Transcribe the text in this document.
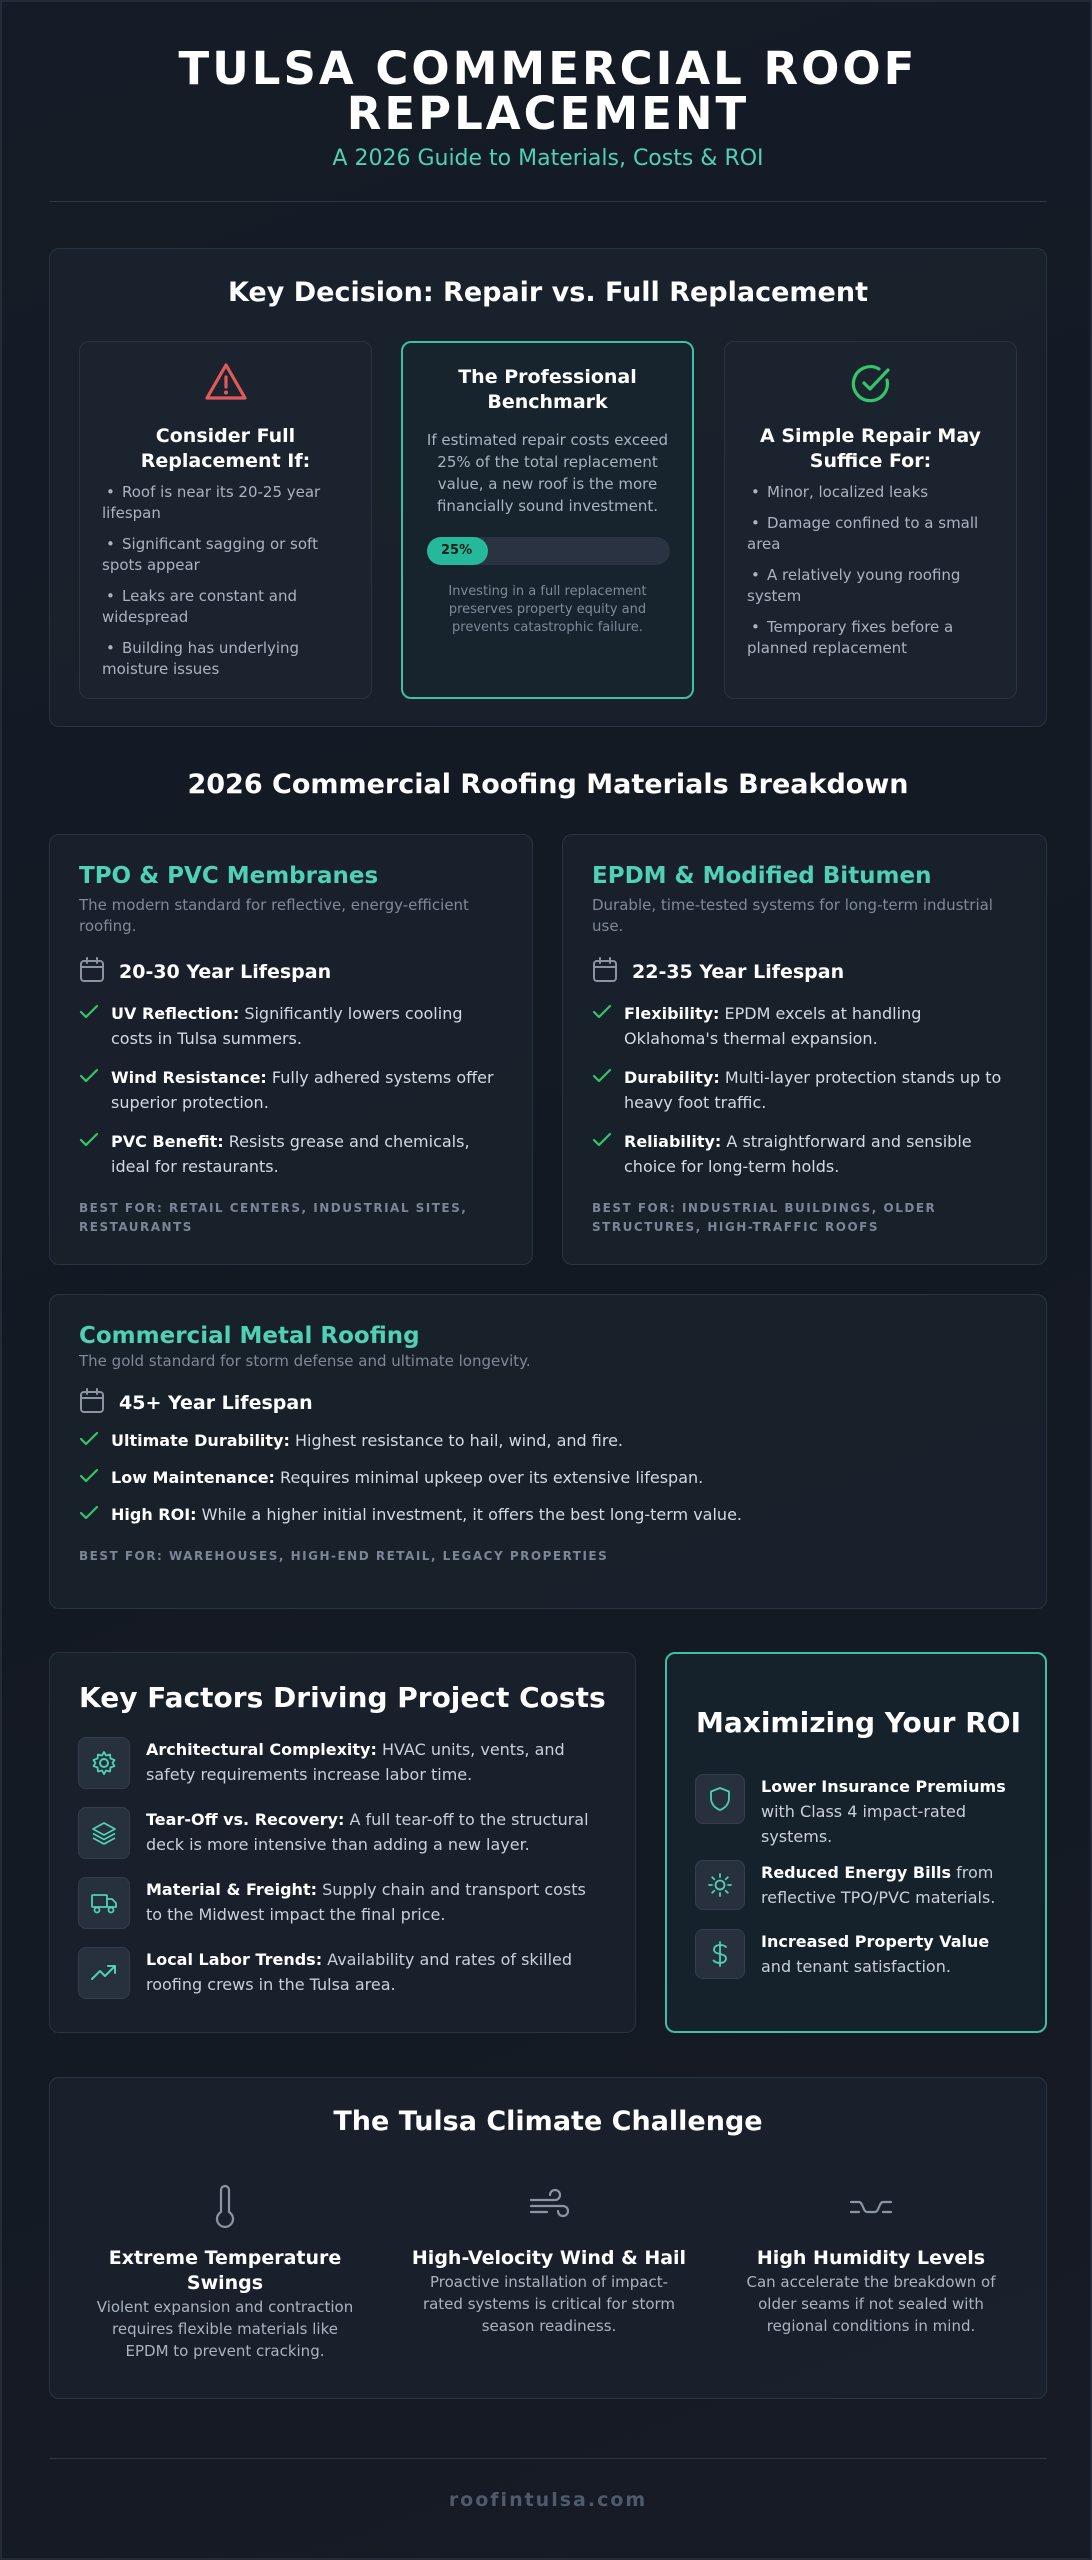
TULSA COMMERCIAL ROOF REPLACEMENT
A 2026 Guide to Materials, Costs & ROI
Key Decision: Repair vs. Full Replacement
Consider Full Replacement If:
• Roof is near its 20-25 year lifespan
• Significant sagging or soft spots appear
• Leaks are constant and widespread
• Building has underlying moisture issues
The Professional Benchmark

If estimated repair costs exceed 25% of the total replacement value, a new roof is the more financially sound investment.

25%

Investing in a full replacement preserves property equity and prevents catastrophic failure.

A Simple Repair May Suffice For:
• Minor, localized leaks
• Damage confined to a small area
• A relatively young roofing system
• Temporary fixes before a planned replacement
2026 Commercial Roofing Materials Breakdown
TPO & PVC Membranes
The modern standard for reflective, energy-efficient roofing.
20-30 Year Lifespan
UV Reflection: Significantly lowers cooling costs in Tulsa summers.
Wind Resistance: Fully adhered systems offer superior protection.
PVC Benefit: Resists grease and chemicals, ideal for restaurants.
BEST FOR: RETAIL CENTERS, INDUSTRIAL SITES, RESTAURANTS
EPDM & Modified Bitumen
Durable, time-tested systems for long-term industrial use.
22-35 Year Lifespan
Flexibility: EPDM excels at handling Oklahoma's thermal expansion.
Durability: Multi-layer protection stands up to heavy foot traffic.
Reliability: A straightforward and sensible choice for long-term holds.
BEST FOR: INDUSTRIAL BUILDINGS, OLDER STRUCTURES, HIGH-TRAFFIC ROOFS
Commercial Metal Roofing
The gold standard for storm defense and ultimate longevity.
45+ Year Lifespan
Ultimate Durability: Highest resistance to hail, wind, and fire.
Low Maintenance: Requires minimal upkeep over its extensive lifespan.
High ROI: While a higher initial investment, it offers the best long-term value.
BEST FOR: WAREHOUSES, HIGH-END RETAIL, LEGACY PROPERTIES
Key Factors Driving Project Costs
Architectural Complexity: HVAC units, vents, and safety requirements increase labor time.
Tear-Off vs. Recovery: A full tear-off to the structural deck is more intensive than adding a new layer.
Material & Freight: Supply chain and transport costs to the Midwest impact the final price.
Local Labor Trends: Availability and rates of skilled roofing crews in the Tulsa area.
Maximizing Your ROI
Lower Insurance Premiums with Class 4 impact-rated systems.
Reduced Energy Bills from reflective TPO/PVC materials.
Increased Property Value and tenant satisfaction.
The Tulsa Climate Challenge
Extreme Temperature Swings

Violent expansion and contraction requires flexible materials like EPDM to prevent cracking.

High-Velocity Wind & Hail

Proactive installation of impact-rated systems is critical for storm season readiness.

High Humidity Levels

Can accelerate the breakdown of older seams if not sealed with regional conditions in mind.

roofintulsa.com
